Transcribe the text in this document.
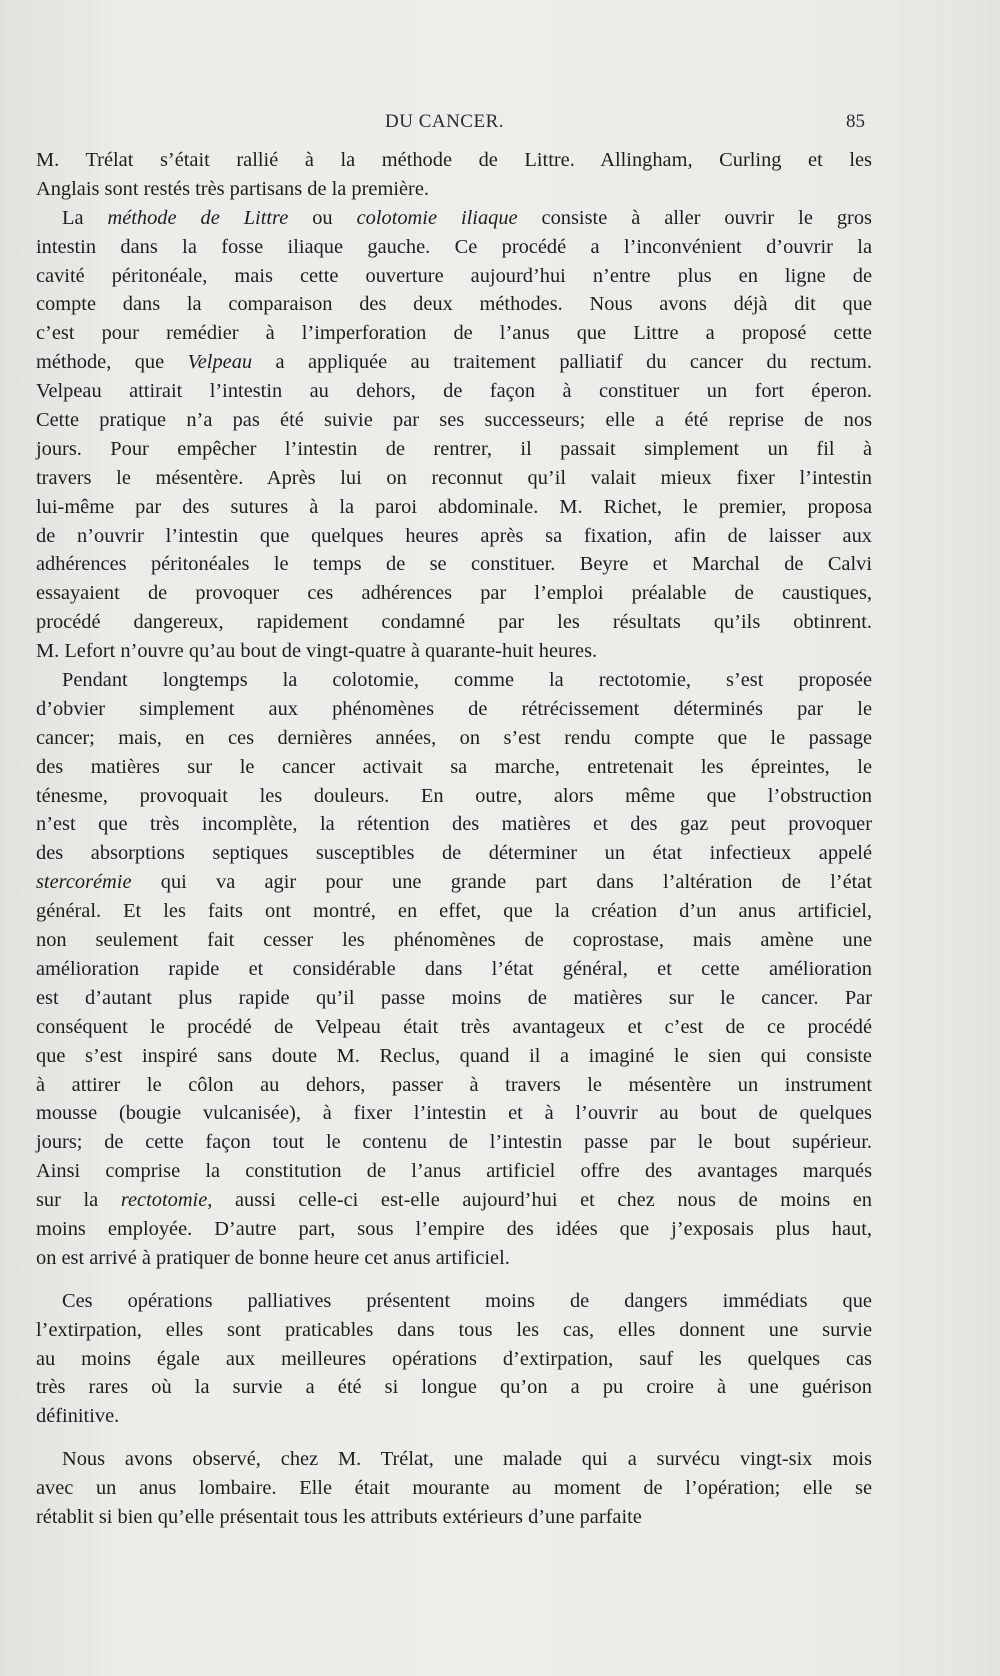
DU CANCER.	85
M. Trélat s’était rallié à la méthode de Littre. Allingham, Curling et les
Anglais sont restés très partisans de la première.
La méthode de Littre ou colotomie iliaque consiste à aller ouvrir le gros
intestin dans la fosse iliaque gauche. Ce procédé a l’inconvénient d’ouvrir la
cavité péritonéale, mais cette ouverture aujourd’hui n’entre plus en ligne de
compte dans la comparaison des deux méthodes. Nous avons déjà dit que
c’est pour remédier à l’imperforation de l’anus que Littre a proposé cette
méthode, que Velpeau a appliquée au traitement palliatif du cancer du rectum.
Velpeau attirait l’intestin au dehors, de façon à constituer un fort éperon.
Cette pratique n’a pas été suivie par ses successeurs; elle a été reprise de nos
jours. Pour empêcher l’intestin de rentrer, il passait simplement un fil à
travers le mésentère. Après lui on reconnut qu’il valait mieux fixer l’intestin
lui-même par des sutures à la paroi abdominale. M. Richet, le premier, proposa
de n’ouvrir l’intestin que quelques heures après sa fixation, afin de laisser aux
adhérences péritonéales le temps de se constituer. Beyre et Marchal de Calvi
essayaient de provoquer ces adhérences par l’emploi préalable de caustiques,
procédé dangereux, rapidement condamné par les résultats qu’ils obtinrent.
M. Lefort n’ouvre qu’au bout de vingt-quatre à quarante-huit heures.
Pendant longtemps la colotomie, comme la rectotomie, s’est proposée
d’obvier simplement aux phénomènes de rétrécissement déterminés par le
cancer; mais, en ces dernières années, on s’est rendu compte que le passage
des matières sur le cancer activait sa marche, entretenait les épreintes, le
ténesme, provoquait les douleurs. En outre, alors même que l’obstruction
n’est que très incomplète, la rétention des matières et des gaz peut provoquer
des absorptions septiques susceptibles de déterminer un état infectieux appelé
stercorémie qui va agir pour une grande part dans l’altération de l’état
général. Et les faits ont montré, en effet, que la création d’un anus artificiel,
non seulement fait cesser les phénomènes de coprostase, mais amène une
amélioration rapide et considérable dans l’état général, et cette amélioration
est d’autant plus rapide qu’il passe moins de matières sur le cancer. Par
conséquent le procédé de Velpeau était très avantageux et c’est de ce procédé
que s’est inspiré sans doute M. Reclus, quand il a imaginé le sien qui consiste
à attirer le côlon au dehors, passer à travers le mésentère un instrument
mousse (bougie vulcanisée), à fixer l’intestin et à l’ouvrir au bout de quelques
jours; de cette façon tout le contenu de l’intestin passe par le bout supérieur.
Ainsi comprise la constitution de l’anus artificiel offre des avantages marqués
sur la rectotomie, aussi celle-ci est-elle aujourd’hui et chez nous de moins en
moins employée. D’autre part, sous l’empire des idées que j’exposais plus haut,
on est arrivé à pratiquer de bonne heure cet anus artificiel.
Ces opérations palliatives présentent moins de dangers immédiats que
l’extirpation, elles sont praticables dans tous les cas, elles donnent une survie
au moins égale aux meilleures opérations d’extirpation, sauf les quelques cas
très rares où la survie a été si longue qu’on a pu croire à une guérison
définitive.
Nous avons observé, chez M. Trélat, une malade qui a survécu vingt-six mois
avec un anus lombaire. Elle était mourante au moment de l’opération; elle se
rétablit si bien qu’elle présentait tous les attributs extérieurs d’une parfaite
